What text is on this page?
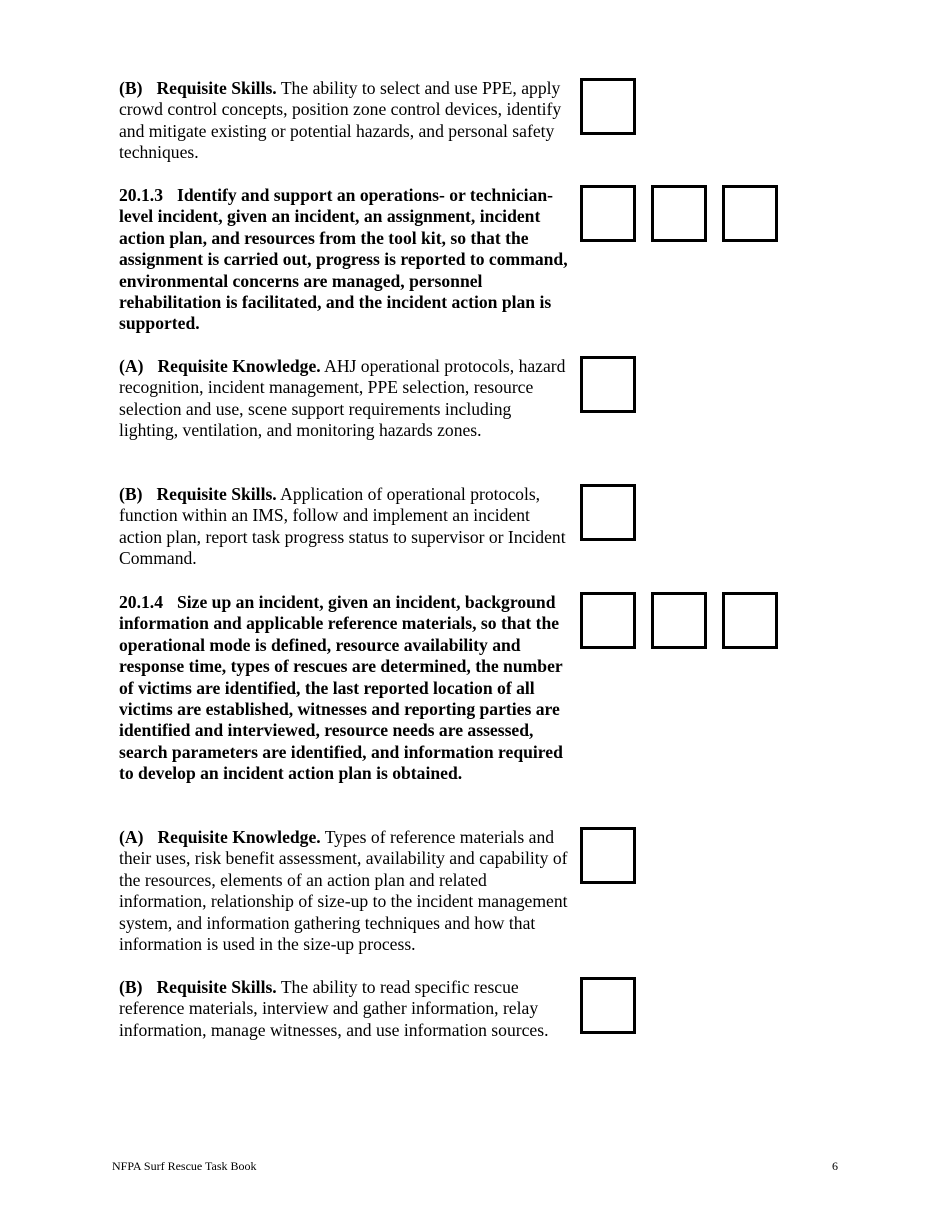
(B) Requisite Skills. The ability to select and use PPE, apply crowd control concepts, position zone control devices, identify and mitigate existing or potential hazards, and personal safety techniques.

20.1.3 Identify and support an operations- or technician-level incident, given an incident, an assignment, incident action plan, and resources from the tool kit, so that the assignment is carried out, progress is reported to command, environmental concerns are managed, personnel rehabilitation is facilitated, and the incident action plan is supported.

(A) Requisite Knowledge. AHJ operational protocols, hazard recognition, incident management, PPE selection, resource selection and use, scene support requirements including lighting, ventilation, and monitoring hazards zones.

(B) Requisite Skills. Application of operational protocols, function within an IMS, follow and implement an incident action plan, report task progress status to supervisor or Incident Command.

20.1.4 Size up an incident, given an incident, background information and applicable reference materials, so that the operational mode is defined, resource availability and response time, types of rescues are determined, the number of victims are identified, the last reported location of all victims are established, witnesses and reporting parties are identified and interviewed, resource needs are assessed, search parameters are identified, and information required to develop an incident action plan is obtained.

(A) Requisite Knowledge. Types of reference materials and their uses, risk benefit assessment, availability and capability of the resources, elements of an action plan and related information, relationship of size-up to the incident management system, and information gathering techniques and how that information is used in the size-up process.

(B) Requisite Skills. The ability to read specific rescue reference materials, interview and gather information, relay information, manage witnesses, and use information sources.

NFPA Surf Rescue Task Book	6
